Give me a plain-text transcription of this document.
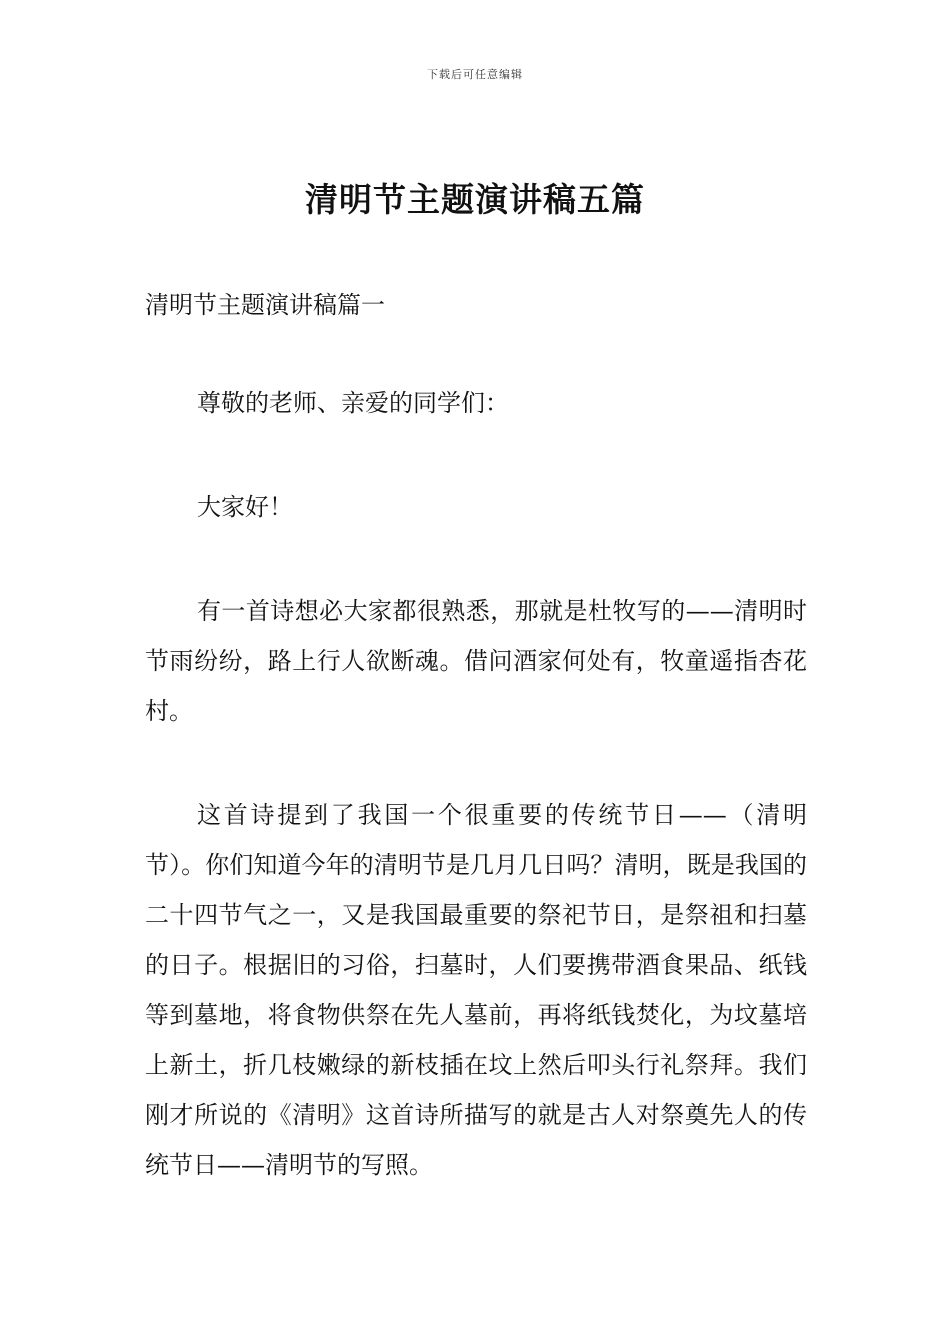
下载后可任意编辑
清明节主题演讲稿五篇

清明节主题演讲稿篇一

尊敬的老师、亲爱的同学们：

大家好！

有一首诗想必大家都很熟悉，那就是杜牧写的——清明时节雨纷纷，路上行人欲断魂。借问酒家何处有，牧童遥指杏花村。

这首诗提到了我国一个很重要的传统节日——（清明节）。你们知道今年的清明节是几月几日吗？清明，既是我国的二十四节气之一，又是我国最重要的祭祀节日，是祭祖和扫墓的日子。根据旧的习俗，扫墓时，人们要携带酒食果品、纸钱等到墓地，将食物供祭在先人墓前，再将纸钱焚化，为坟墓培上新土，折几枝嫩绿的新枝插在坟上然后叩头行礼祭拜。我们刚才所说的《清明》这首诗所描写的就是古人对祭奠先人的传统节日——清明节的写照。
